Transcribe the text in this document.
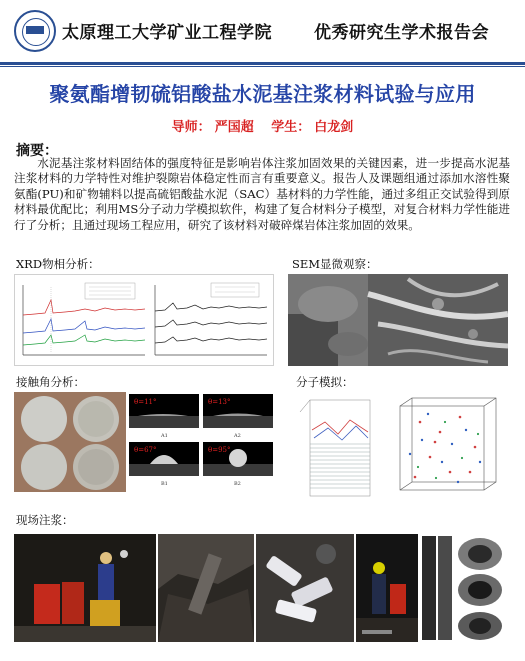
太原理工大学矿业工程学院 优秀研究生学术报告会
聚氨酯增韧硫铝酸盐水泥基注浆材料试验与应用
导师： 严国超 学生： 白龙剑
摘要：

水泥基注浆材料固结体的强度特征是影响岩体注浆加固效果的关键因素，进一步提高水泥基注浆材料的力学特性对维护裂隙岩体稳定性而言有重要意义。报告人及课题组通过添加水溶性聚氨酯(PU)和矿物辅料以提高硫铝酸盐水泥（SAC）基材料的力学性能，通过多组正交试验得到原材料最优配比；利用MS分子动力学模拟软件，构建了复合材料分子模型，对复合材料力学性能进行了分析；且通过现场工程应用，研究了该材料对破碎煤岩体注浆加固的效果。

XRD物相分析：	SEM显微观察：
接触角分析：
θ=11°
A1
θ=13°
A2
θ=67°
B1
θ=95°
B2
分子模拟：
现场注浆：
